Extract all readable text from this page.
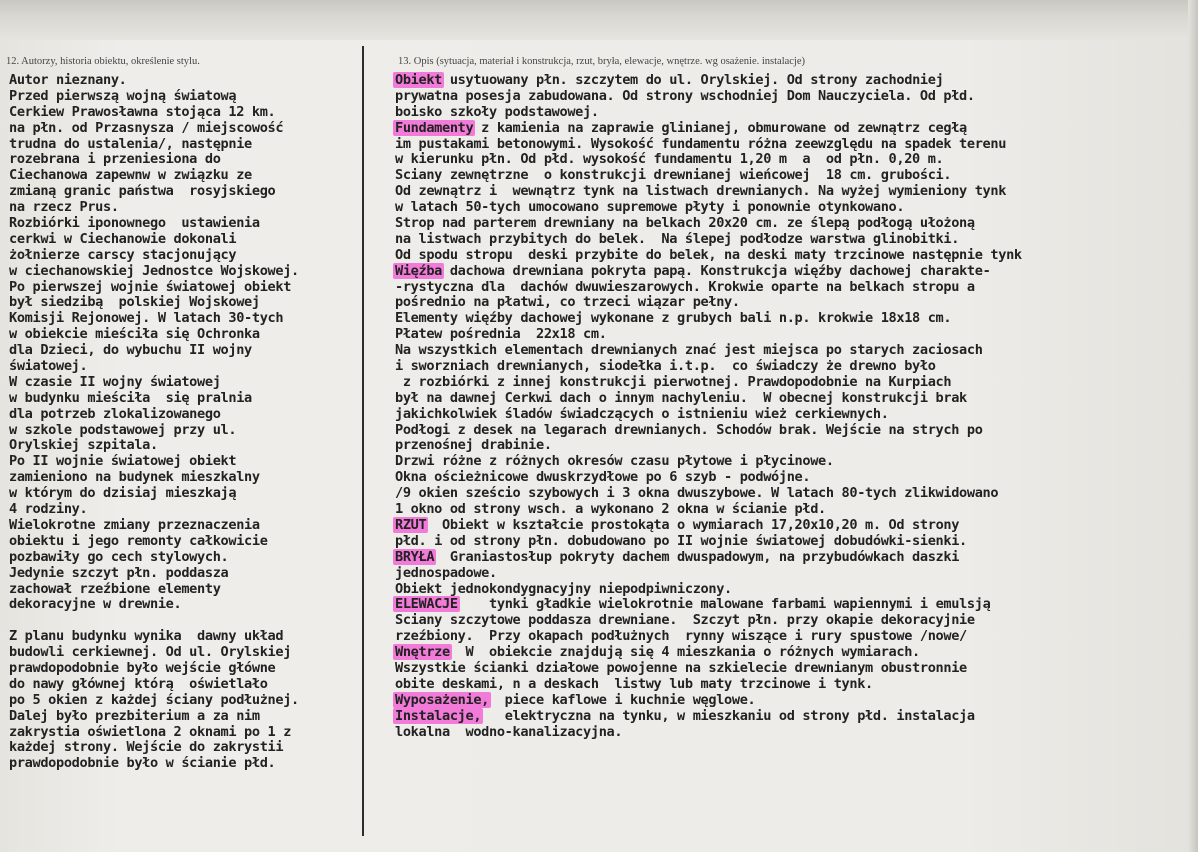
12. Autorzy, historia obiektu, określenie stylu.	13. Opis (sytuacja, materiał i konstrukcja, rzut, bryła, elewacje, wnętrze. wg osażenie. instalacje)
Autor nieznany.
Przed pierwszą wojną światową
Cerkiew Prawosławna stojąca 12 km.
na płn. od Przasnysza / miejscowość
trudna do ustalenia/, następnie
rozebrana i przeniesiona do
Ciechanowa zapewnw w związku ze
zmianą granic państwa  rosyjskiego
na rzecz Prus.
Rozbiórki iponownego  ustawienia
cerkwi w Ciechanowie dokonali
żołnierze carscy stacjonujący
w ciechanowskiej Jednostce Wojskowej.
Po pierwszej wojnie światowej obiekt
był siedzibą  polskiej Wojskowej
Komisji Rejonowej. W latach 30-tych
w obiekcie mieściła się Ochronka
dla Dzieci, do wybuchu II wojny
światowej.
W czasie II wojny światowej
w budynku mieściła  się pralnia
dla potrzeb zlokalizowanego
w szkole podstawowej przy ul.
Orylskiej szpitala.
Po II wojnie światowej obiekt
zamieniono na budynek mieszkalny
w którym do dzisiaj mieszkają
4 rodziny.
Wielokrotne zmiany przeznaczenia
obiektu i jego remonty całkowicie
pozbawiły go cech stylowych.
Jedynie szczyt płn. poddasza
zachował rzeźbione elementy
dekoracyjne w drewnie.
Z planu budynku wynika  dawny układ
budowli cerkiewnej. Od ul. Orylskiej
prawdopodobnie było wejście główne
do nawy głównej którą  oświetlało
po 5 okien z każdej ściany podłużnej.
Dalej było prezbiterium a za nim
zakrystia oświetlona 2 oknami po 1 z
każdej strony. Wejście do zakrystii
prawdopodobnie było w ścianie płd.
Obiekt usytuowany płn. szczytem do ul. Orylskiej. Od strony zachodniej
prywatna posesja zabudowana. Od strony wschodniej Dom Nauczyciela. Od płd.
boisko szkoły podstawowej.
Fundamenty z kamienia na zaprawie glinianej, obmurowane od zewnątrz cegłą
im pustakami betonowymi. Wysokość fundamentu różna zeewzględu na spadek terenu
w kierunku płn. Od płd. wysokość fundamentu 1,20 m  a  od płn. 0,20 m.
Sciany zewnętrzne  o konstrukcji drewnianej wieńcowej  18 cm. grubości.
Od zewnątrz i  wewnątrz tynk na listwach drewnianych. Na wyżej wymieniony tynk
w latach 50-tych umocowano supremowe płyty i ponownie otynkowano.
Strop nad parterem drewniany na belkach 20x20 cm. ze ślepą podłogą ułożoną
na listwach przybitych do belek.  Na ślepej podłodze warstwa glinobitki.
Od spodu stropu  deski przybite do belek, na deski maty trzcinowe następnie tynk
Więźba dachowa drewniana pokryta papą. Konstrukcja więźby dachowej charakte-
-rystyczna dla  dachów dwuwieszarowych. Krokwie oparte na belkach stropu a
pośrednio na płatwi, co trzeci wiązar pełny.
Elementy więźby dachowej wykonane z grubych bali n.p. krokwie 18x18 cm.
Płatew pośrednia  22x18 cm.
Na wszystkich elementach drewnianych znać jest miejsca po starych zaciosach
i sworzniach drewnianych, siodełka i.t.p.  co świadczy że drewno było
z rozbiórki z innej konstrukcji pierwotnej. Prawdopodobnie na Kurpiach
był na dawnej Cerkwi dach o innym nachyleniu.  W obecnej konstrukcji brak
jakichkolwiek śladów świadczących o istnieniu wież cerkiewnych.
Podłogi z desek na legarach drewnianych. Schodów brak. Wejście na strych po
przenośnej drabinie.
Drzwi różne z różnych okresów czasu płytowe i płycinowe.
Okna ościeżnicowe dwuskrzydłowe po 6 szyb - podwójne.
/9 okien sześcio szybowych i 3 okna dwuszybowe. W latach 80-tych zlikwidowano
1 okno od strony wsch. a wykonano 2 okna w ścianie płd.
RZUT  Obiekt w kształcie prostokąta o wymiarach 17,20x10,20 m. Od strony
płd. i od strony płn. dobudowano po II wojnie światowej dobudówki-sienki.
BRYŁA  Graniastosłup pokryty dachem dwuspadowym, na przybudówkach daszki
jednospadowe.
Obiekt jednokondygnacyjny niepodpiwniczony.
ELEWACJE    tynki gładkie wielokrotnie malowane farbami wapiennymi i emulsją
Sciany szczytowe poddasza drewniane.  Szczyt płn. przy okapie dekoracyjnie
rzeźbiony.  Przy okapach podłużnych  rynny wiszące i rury spustowe /nowe/
Wnętrze  W  obiekcie znajdują się 4 mieszkania o różnych wymiarach.
Wszystkie ścianki działowe powojenne na szkielecie drewnianym obustronnie
obite deskami, n a deskach  listwy lub maty trzcinowe i tynk.
Wyposażenie,  piece kaflowe i kuchnie węglowe.
Instalacje,   elektryczna na tynku, w mieszkaniu od strony płd. instalacja
lokalna  wodno-kanalizacyjna.
